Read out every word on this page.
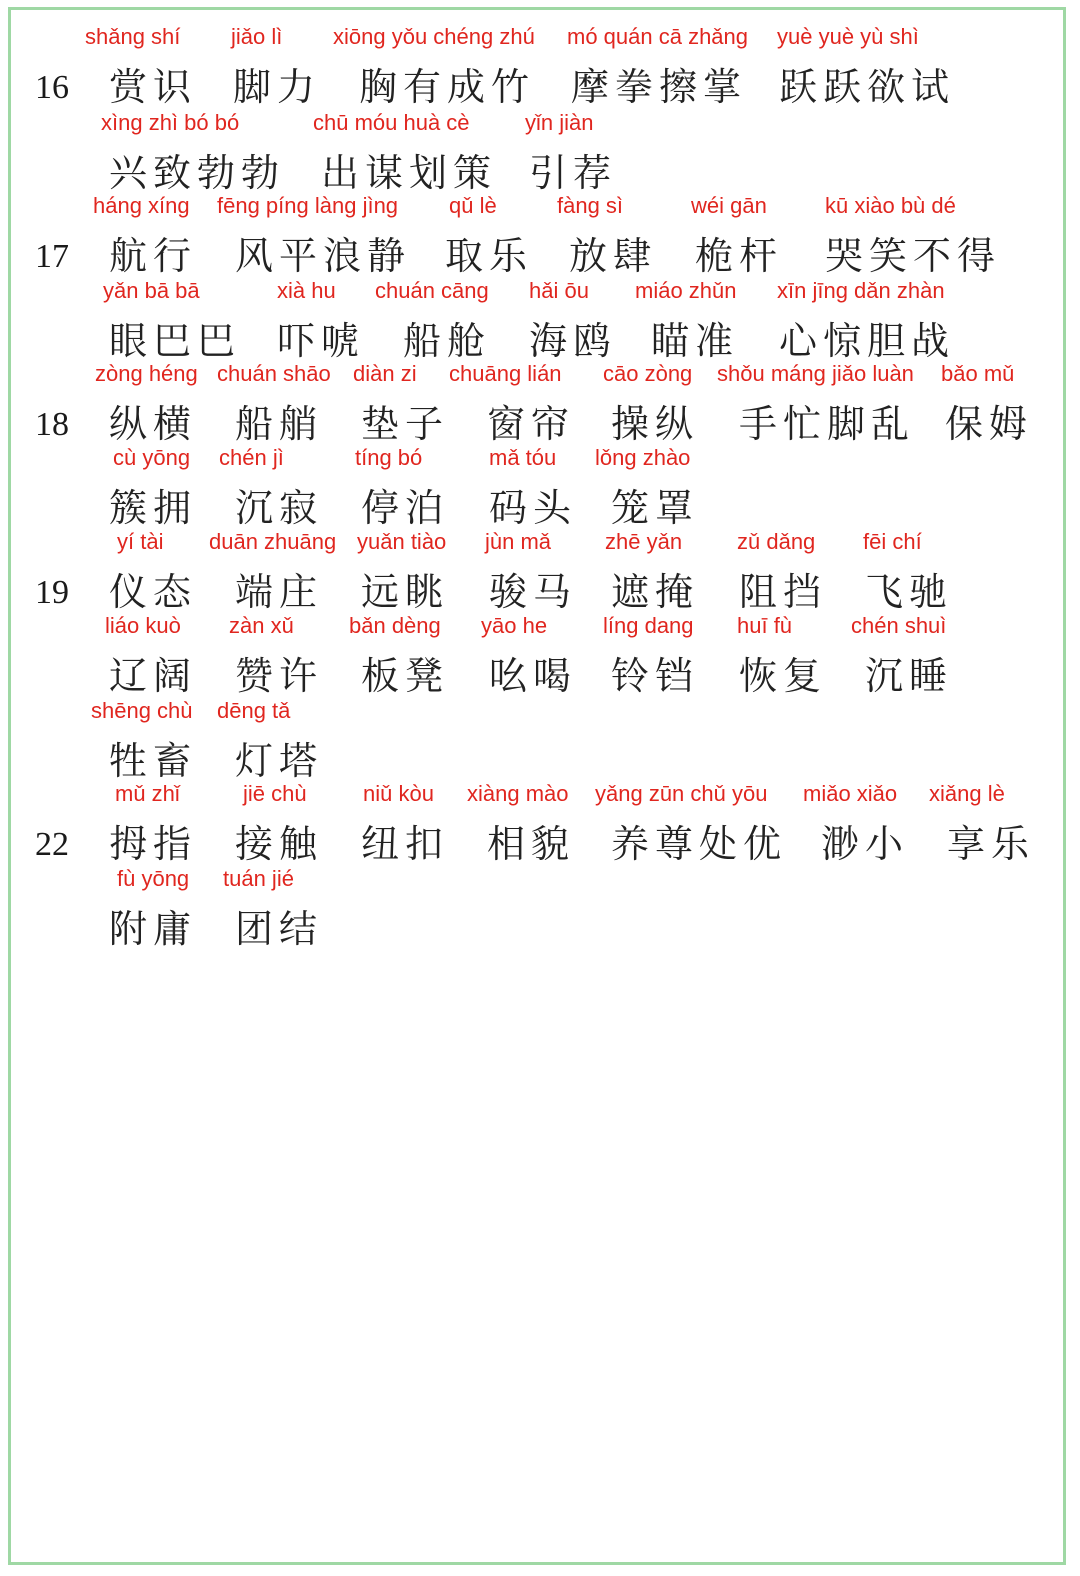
16
shǎng shí
赏识
jiǎo lì
脚力
xiōng yǒu chéng zhú
胸有成竹
mó quán cā zhǎng
摩拳擦掌
yuè yuè yù shì
跃跃欲试
xìng zhì bó bó
兴致勃勃
chū móu huà cè
出谋划策
yǐn jiàn
引荐
17
háng xíng
航行
fēng píng làng jìng
风平浪静
qǔ lè
取乐
fàng sì
放肆
wéi gān
桅杆
kū xiào bù dé
哭笑不得
yǎn bā bā
眼巴巴
xià hu
吓唬
chuán cāng
船舱
hǎi ōu
海鸥
miáo zhǔn
瞄准
xīn jīng dǎn zhàn
心惊胆战
18
zòng héng
纵横
chuán shāo
船艄
diàn zi
垫子
chuāng lián
窗帘
cāo zòng
操纵
shǒu máng jiǎo luàn
手忙脚乱
bǎo mǔ
保姆
cù yōng
簇拥
chén jì
沉寂
tíng bó
停泊
mǎ tóu
码头
lǒng zhào
笼罩
19
yí tài
仪态
duān zhuāng
端庄
yuǎn tiào
远眺
jùn mǎ
骏马
zhē yǎn
遮掩
zǔ dǎng
阻挡
fēi chí
飞驰
liáo kuò
辽阔
zàn xǔ
赞许
bǎn dèng
板凳
yāo he
吆喝
líng dang
铃铛
huī fù
恢复
chén shuì
沉睡
shēng chù
牲畜
dēng tǎ
灯塔
22
mǔ zhǐ
拇指
jiē chù
接触
niǔ kòu
纽扣
xiàng mào
相貌
yǎng zūn chǔ yōu
养尊处优
miǎo xiǎo
渺小
xiǎng lè
享乐
fù yōng
附庸
tuán jié
团结
